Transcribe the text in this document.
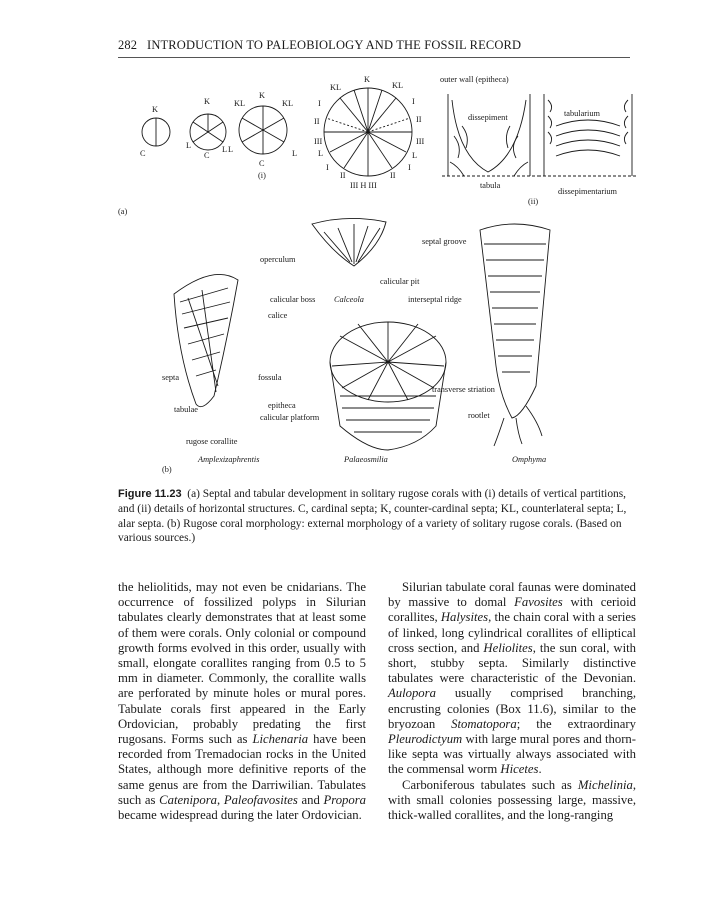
282 INTRODUCTION TO PALEOBIOLOGY AND THE FOSSIL RECORD
K
C
K
L	L
C
K
KL	KL
L	L
C
(i)
K
KL	KL
I	I
II	II
III	III
L	L
I	I
II	II
III H III
outer wall (epitheca)
dissepiment	tabularium
tabula
dissepimentarium
(ii)
(a)
operculum
calicular pit
calicular boss Calceola	interseptal ridge
calice
septal groove
septa	fossula
transverse striation
epitheca
tabulae
calicular platform	rootlet
rugose corallite
Amplexizaphrentis	Palaeosmilia	Omphyma
(b)
Figure 11.23 (a) Septal and tabular development in solitary rugose corals with (i) details of vertical partitions, and (ii) details of horizontal structures. C, cardinal septa; K, counter-cardinal septa; KL, counterlateral septa; L, alar septa. (b) Rugose coral morphology: external morphology of a variety of solitary rugose corals. (Based on various sources.)

the heliolitids, may not even be cnidarians. The occurrence of fossilized polyps in Silurian tabulates clearly demonstrates that at least some of them were corals. Only colonial or compound growth forms evolved in this order, usually with small, elongate corallites ranging from 0.5 to 5 mm in diameter. Commonly, the corallite walls are perforated by minute holes or mural pores. Tabulate corals first appeared in the Early Ordovician, probably predating the first rugosans. Forms such as Lichenaria have been recorded from Tremadocian rocks in the United States, although more definitive reports of the same genus are from the Darriwilian. Tabulates such as Catenipora, Paleofavosites and Propora became widespread during the later Ordovician.

Silurian tabulate coral faunas were dominated by massive to domal Favosites with cerioid corallites, Halysites, the chain coral with a series of linked, long cylindrical corallites of elliptical cross section, and Heliolites, the sun coral, with short, stubby septa. Similarly distinctive tabulates were characteristic of the Devonian. Aulopora usually comprised branching, encrusting colonies (Box 11.6), similar to the bryozoan Stomatopora; the extraordinary Pleurodictyum with large mural pores and thorn-like septa was virtually always associated with the commensal worm Hicetes.

Carboniferous tabulates such as Michelinia, with small colonies possessing large, massive, thick-walled corallites, and the long-ranging
